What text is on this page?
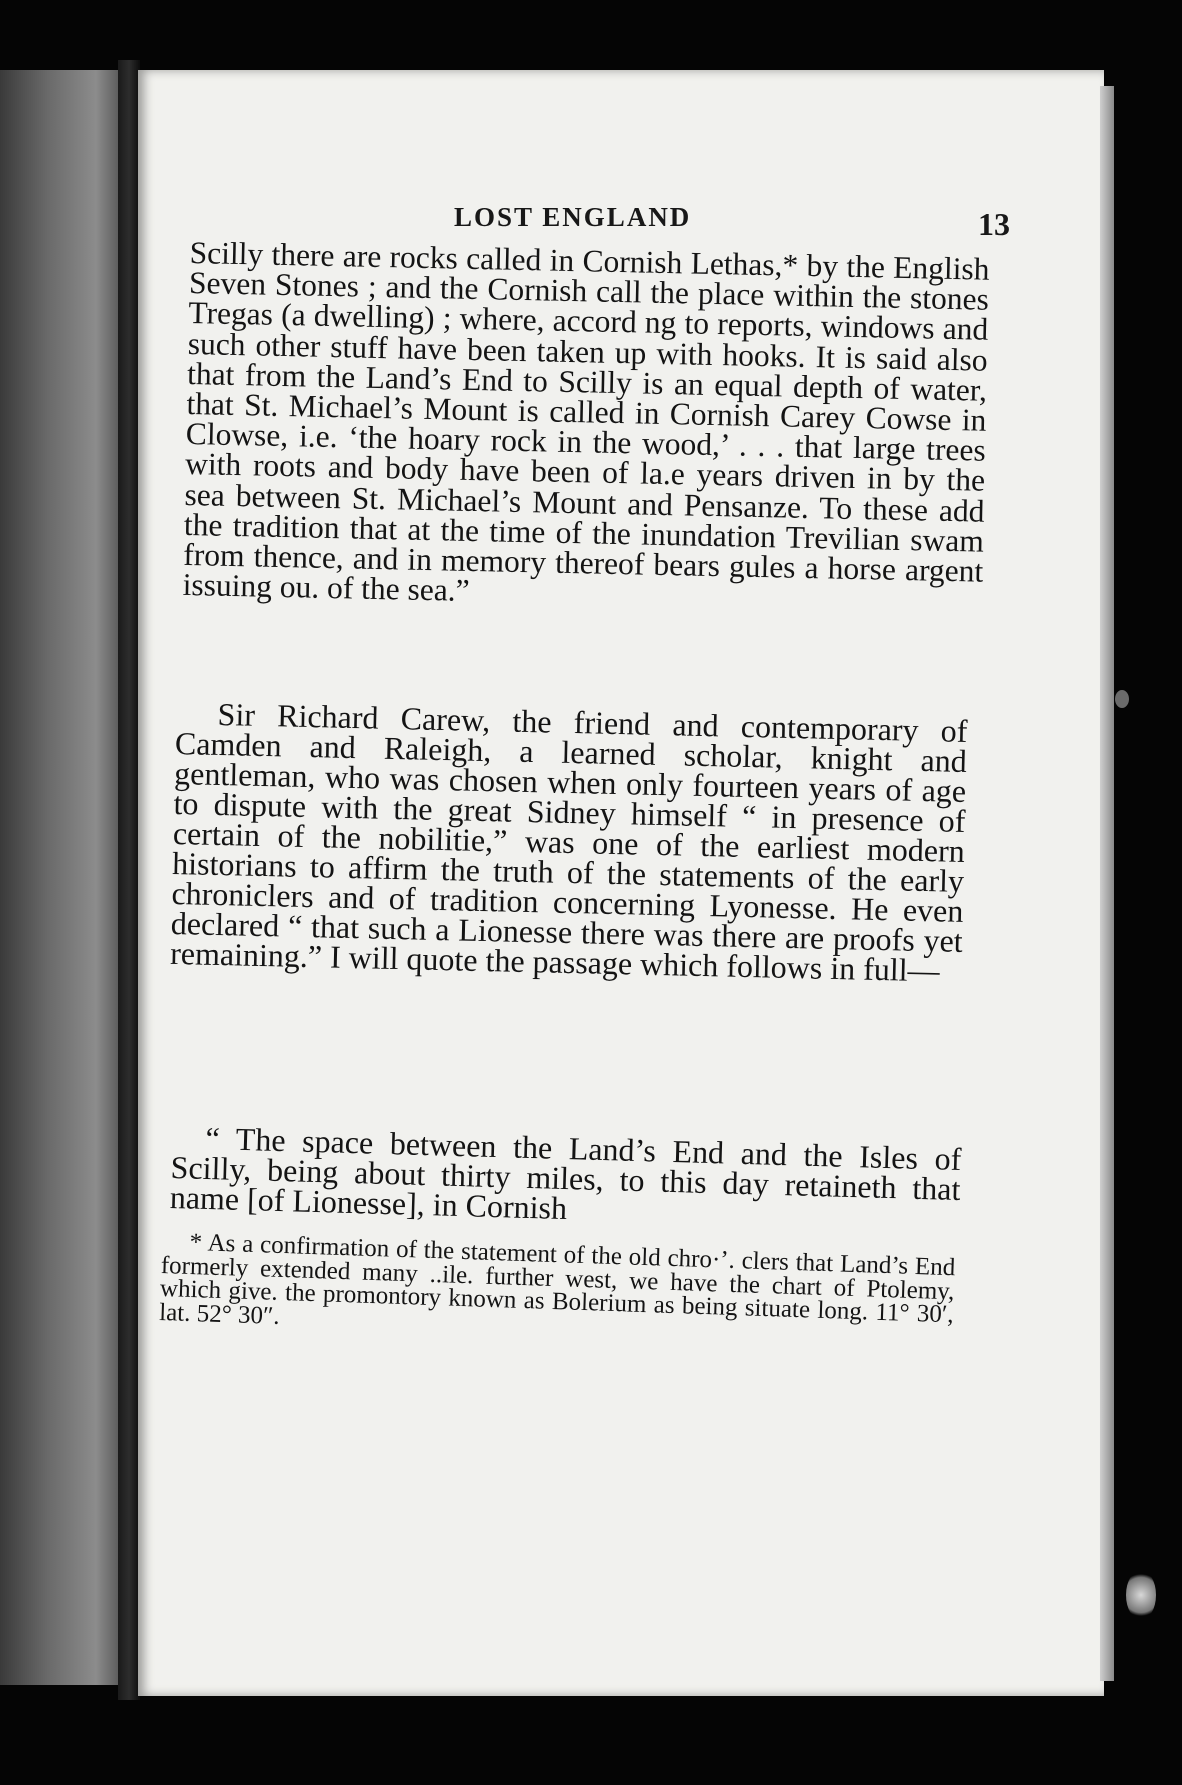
LOST ENGLAND	13

Scilly there are rocks called in Cornish Lethas,* by the English Seven Stones ; and the Cornish call the place within the stones Tregas (a dwelling) ; where, accord ng to reports, windows and such other stuff have been taken up with hooks. It is said also that from the Land’s End to Scilly is an equal depth of water, that St. Michael’s Mount is called in Cornish Carey Cowse in Clowse, i.e. ‘the hoary rock in the wood,’ . . . that large trees with roots and body have been of la.e years driven in by the sea between St. Michael’s Mount and Pensanze. To these add the tradition that at the time of the inundation Trevilian swam from thence, and in memory thereof bears gules a horse argent issuing ou. of the sea.”

Sir Richard Carew, the friend and contemporary of Camden and Raleigh, a learned scholar, knight and gentleman, who was chosen when only fourteen years of age to dispute with the great Sidney himself “ in presence of certain of the nobilitie,” was one of the earliest modern historians to affirm the truth of the statements of the early chroniclers and of tradition concerning Lyonesse. He even declared “ that such a Lionesse there was there are proofs yet remaining.” I will quote the passage which follows in full—

“ The space between the Land’s End and the Isles of Scilly, being about thirty miles, to this day retaineth that name [of Lionesse], in Cornish

* As a confirmation of the statement of the old chro·’. clers that Land’s End formerly extended many ..ile. further west, we have the chart of Ptolemy, which give. the promontory known as Bolerium as being situate long. 11° 30′, lat. 52° 30″.
